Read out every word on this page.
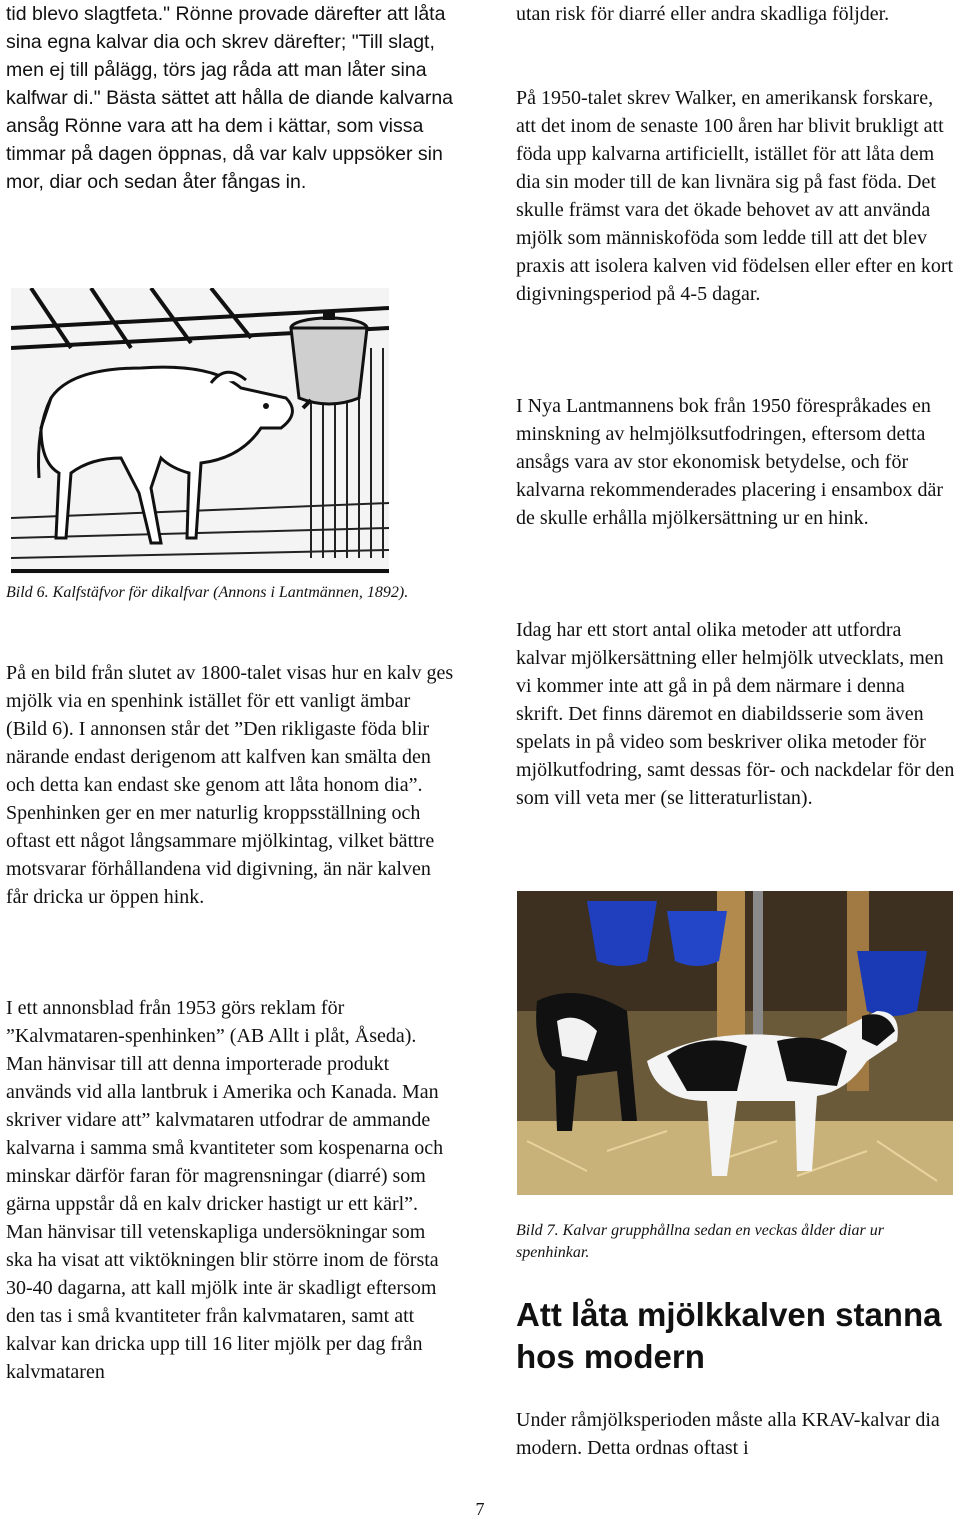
tid blevo slagtfeta." Rönne provade därefter att låta sina egna kalvar dia och skrev därefter; "Till slagt, men ej till pålägg, törs jag råda att man låter sina kalfwar di." Bästa sättet att hålla de diande kalvarna ansåg Rönne vara att ha dem i kättar, som vissa timmar på dagen öppnas, då var kalv uppsöker sin mor, diar och sedan åter fångas in.

Bild 6. Kalfstäfvor för dikalfvar (Annons i Lantmännen, 1892).

På en bild från slutet av 1800-talet visas hur en kalv ges mjölk via en spenhink istället för ett vanligt ämbar (Bild 6). I annonsen står det ”Den rikligaste föda blir närande endast derigenom att kalfven kan smälta den och detta kan endast ske genom att låta honom dia”. Spenhinken ger en mer naturlig kroppsställning och oftast ett något långsammare mjölkintag, vilket bättre motsvarar förhållandena vid digivning, än när kalven får dricka ur öppen hink.

I ett annonsblad från 1953 görs reklam för ”Kalvmataren-spenhinken” (AB Allt i plåt, Åseda). Man hänvisar till att denna importerade produkt används vid alla lantbruk i Amerika och Kanada. Man skriver vidare att” kalvmataren utfodrar de ammande kalvarna i samma små kvantiteter som kospenarna och minskar därför faran för magrensningar (diarré) som gärna uppstår då en kalv dricker hastigt ur ett kärl”. Man hänvisar till vetenskapliga undersökningar som ska ha visat att viktökningen blir större inom de första 30-40 dagarna, att kall mjölk inte är skadligt eftersom den tas i små kvantiteter från kalvmataren, samt att kalvar kan dricka upp till 16 liter mjölk per dag från kalvmataren

utan risk för diarré eller andra skadliga följder.

På 1950-talet skrev Walker, en amerikansk forskare, att det inom de senaste 100 åren har blivit brukligt att föda upp kalvarna artificiellt, istället för att låta dem dia sin moder till de kan livnära sig på fast föda. Det skulle främst vara det ökade behovet av att använda mjölk som människoföda som ledde till att det blev praxis att isolera kalven vid födelsen eller efter en kort digivningsperiod på 4-5 dagar.

I Nya Lantmannens bok från 1950 förespråkades en minskning av helmjölksutfodringen, eftersom detta ansågs vara av stor ekonomisk betydelse, och för kalvarna rekommenderades placering i ensambox där de skulle erhålla mjölkersättning ur en hink.

Idag har ett stort antal olika metoder att utfordra kalvar mjölkersättning eller helmjölk utvecklats, men vi kommer inte att gå in på dem närmare i denna skrift. Det finns däremot en diabildsserie som även spelats in på video som beskriver olika metoder för mjölkutfodring, samt dessas för- och nackdelar för den som vill veta mer (se litteraturlistan).

Bild 7. Kalvar grupphållna sedan en veckas ålder diar ur spenhinkar.

Att låta mjölkkalven stanna hos modern

Under råmjölksperioden måste alla KRAV-kalvar dia modern. Detta ordnas oftast i

7
